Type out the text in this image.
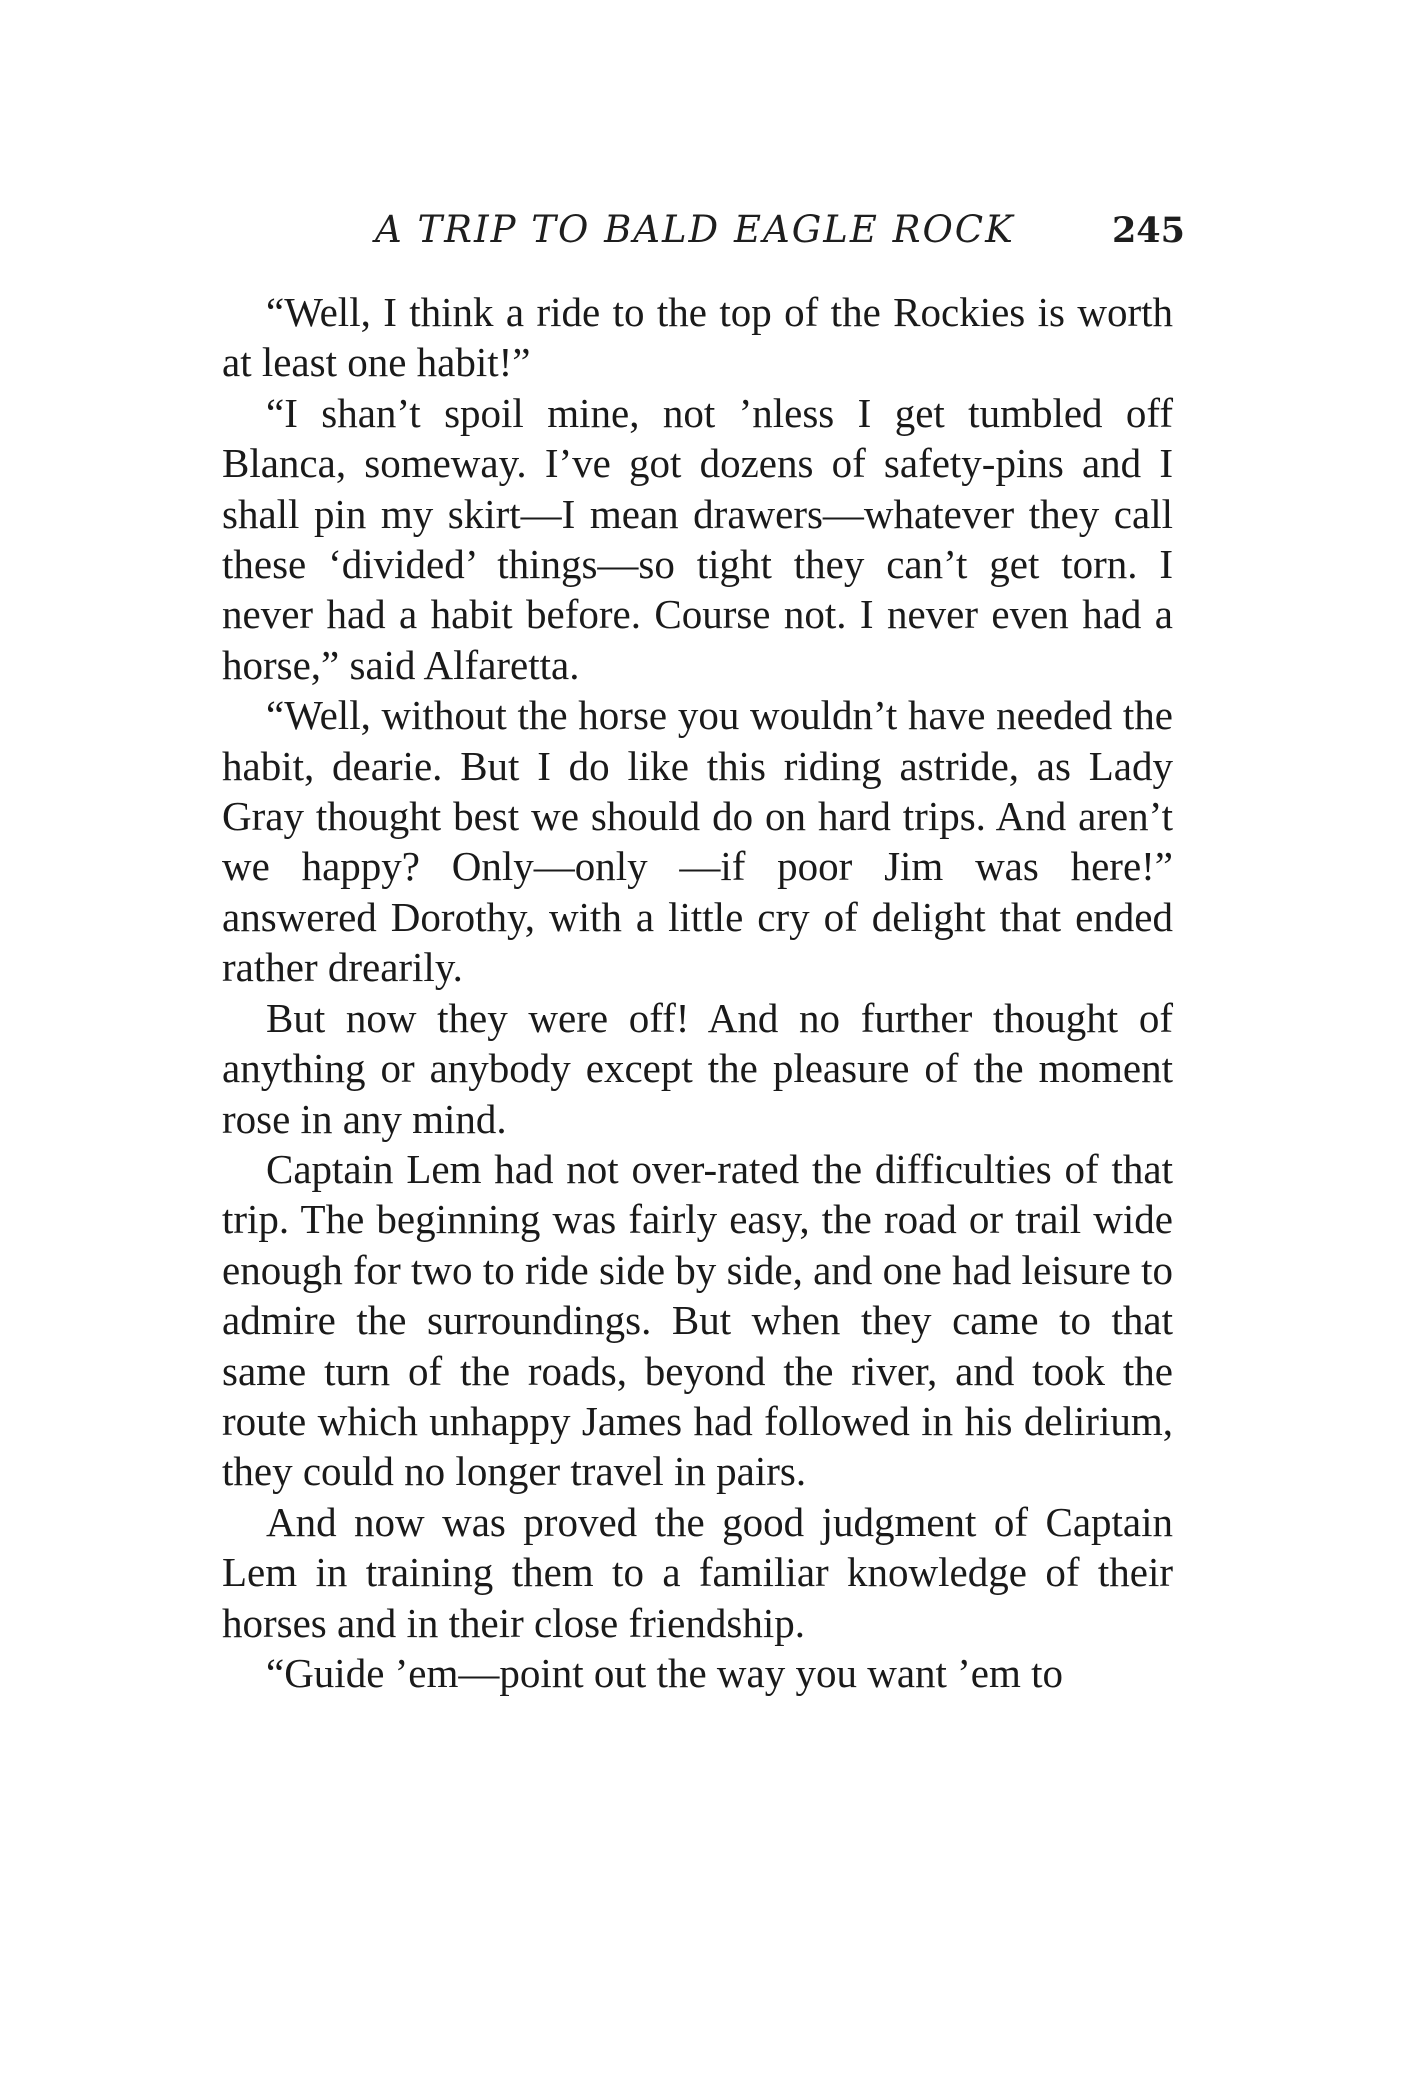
A TRIP TO BALD EAGLE ROCK	245

“Well, I think a ride to the top of the Rockies is worth at least one habit!”

“I shan’t spoil mine, not ’nless I get tumbled off Blanca, someway. I’ve got dozens of safety-pins and I shall pin my skirt—I mean drawers—whatever they call these ‘divided’ things—so tight they can’t get torn. I never had a habit before. Course not. I never even had a horse,” said Alfaretta.

“Well, without the horse you wouldn’t have needed the habit, dearie. But I do like this riding astride, as Lady Gray thought best we should do on hard trips. And aren’t we happy? Only—only —if poor Jim was here!” answered Dorothy, with a little cry of delight that ended rather drearily.

But now they were off! And no further thought of anything or anybody except the pleasure of the moment rose in any mind.

Captain Lem had not over-rated the difficulties of that trip. The beginning was fairly easy, the road or trail wide enough for two to ride side by side, and one had leisure to admire the surroundings. But when they came to that same turn of the roads, beyond the river, and took the route which unhappy James had followed in his delirium, they could no longer travel in pairs.

And now was proved the good judgment of Captain Lem in training them to a familiar knowledge of their horses and in their close friendship.

“Guide ’em—point out the way you want ’em to
